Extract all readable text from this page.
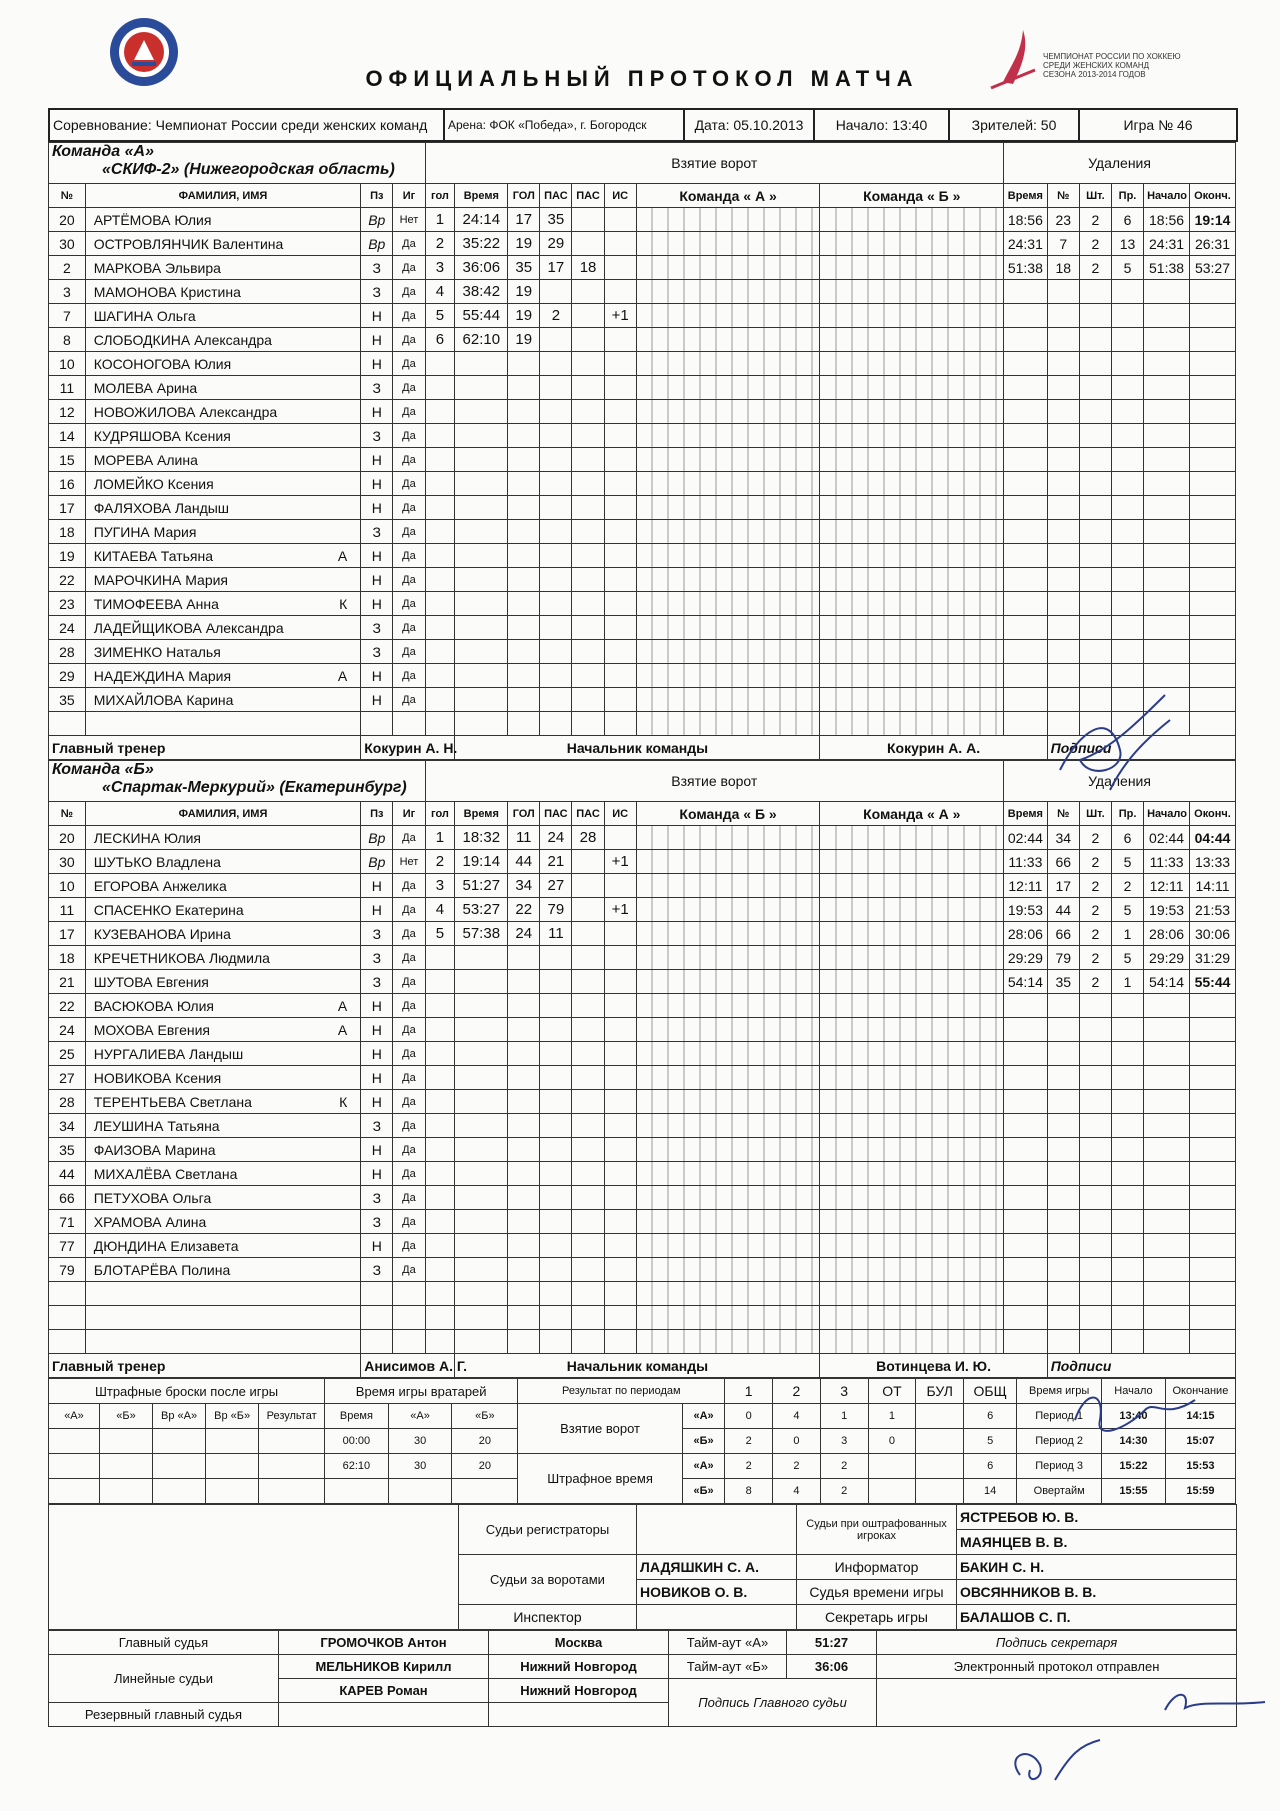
ЧЕМПИОНАТ РОССИИ ПО ХОККЕЮ
СРЕДИ ЖЕНСКИХ КОМАНД
СЕЗОНА 2013-2014 ГОДОВ
ОФИЦИАЛЬНЫЙ ПРОТОКОЛ МАТЧА
Соревнование: Чемпионат России среди женских команд	Арена: ФОК «Победа», г. Богородск	Дата: 05.10.2013	Начало: 13:40	Зрителей: 50	Игра № 46
Команда «А»
«СКИФ-2» (Нижегородская область)				Взятие ворот								Удаления					
№	ФАМИЛИЯ, ИМЯ	Пз	Иг	гол	Время	ГОЛ	ПАС	ПАС	ИС	Команда « А »	Команда « Б »	Время	№	Шт.	Пр.	Начало	Оконч.
20	АРТЁМОВА Юлия	Вр	Нет	1	24:14	17	35					18:56	23	2	6	18:56	19:14
30	ОСТРОВЛЯНЧИК Валентина	Вр	Да	2	35:22	19	29					24:31	7	2	13	24:31	26:31
2	МАРКОВА Эльвира	З	Да	3	36:06	35	17	18				51:38	18	2	5	51:38	53:27
3	МАМОНОВА Кристина	З	Да	4	38:42	19											
7	ШАГИНА Ольга	Н	Да	5	55:44	19	2		+1								
8	СЛОБОДКИНА Александра	Н	Да	6	62:10	19											
10	КОСОНОГОВА Юлия	Н	Да														
11	МОЛЕВА Арина	З	Да														
12	НОВОЖИЛОВА Александра	Н	Да														
14	КУДРЯШОВА Ксения	З	Да														
15	МОРЕВА Алина	Н	Да														
16	ЛОМЕЙКО Ксения	Н	Да														
17	ФАЛЯХОВА Ландыш	Н	Да														
18	ПУГИНА Мария	З	Да														
19	КИТАЕВА Татьяна А	Н	Да														
22	МАРОЧКИНА Мария	Н	Да														
23	ТИМОФЕЕВА Анна К	Н	Да														
24	ЛАДЕЙЩИКОВА Александра	З	Да														
28	ЗИМЕНКО Наталья	З	Да														
29	НАДЕЖДИНА Мария А	Н	Да														
35	МИХАЙЛОВА Карина	Н	Да														

Главный тренер		Кокурин А. Н.			Начальник команды						Кокурин А. А.		Подписи				
Команда «Б»
«Спартак-Меркурий» (Екатеринбург)				Взятие ворот								Удаления					
№	ФАМИЛИЯ, ИМЯ	Пз	Иг	гол	Время	ГОЛ	ПАС	ПАС	ИС	Команда « Б »	Команда « А »	Время	№	Шт.	Пр.	Начало	Оконч.
20	ЛЕСКИНА Юлия	Вр	Да	1	18:32	11	24	28				02:44	34	2	6	02:44	04:44
30	ШУТЬКО Владлена	Вр	Нет	2	19:14	44	21		+1			11:33	66	2	5	11:33	13:33
10	ЕГОРОВА Анжелика	Н	Да	3	51:27	34	27					12:11	17	2	2	12:11	14:11
11	СПАСЕНКО Екатерина	Н	Да	4	53:27	22	79		+1			19:53	44	2	5	19:53	21:53
17	КУЗЕВАНОВА Ирина	З	Да	5	57:38	24	11					28:06	66	2	1	28:06	30:06
18	КРЕЧЕТНИКОВА Людмила	З	Да									29:29	79	2	5	29:29	31:29
21	ШУТОВА Евгения	З	Да									54:14	35	2	1	54:14	55:44
22	ВАСЮКОВА Юлия А	Н	Да														
24	МОХОВА Евгения А	Н	Да														
25	НУРГАЛИЕВА Ландыш	Н	Да														
27	НОВИКОВА Ксения	Н	Да														
28	ТЕРЕНТЬЕВА Светлана К	Н	Да														
34	ЛЕУШИНА Татьяна	З	Да														
35	ФАИЗОВА Марина	Н	Да														
44	МИХАЛЁВА Светлана	Н	Да														
66	ПЕТУХОВА Ольга	З	Да														
71	ХРАМОВА Алина	З	Да														
77	ДЮНДИНА Елизавета	Н	Да														
79	БЛОТАРЁВА Полина	З	Да														

Главный тренер		Анисимов А. Г.			Начальник команды						Вотинцева И. Ю.		Подписи				
Штрафные броски после игры					Время игры вратарей			Результат по периодам		1	2	3	ОТ	БУЛ	ОБЩ	Время игры	Начало	Окончание
«А»	«Б»	Вр «А»	Вр «Б»	Результат	Время	«А»	«Б»	Взятие ворот	«А»	0	4	1	1		6	Период 1	13:40	14:15
					00:00	30	20		«Б»	2	0	3	0		5	Период 2	14:30	15:07
					62:10	30	20	Штрафное время	«А»	2	2	2			6	Период 3	15:22	15:53
									«Б»	8	4	2			14	Овертайм	15:55	15:59
	Судьи регистраторы		Судьи при оштрафованных игроках	ЯСТРЕБОВ Ю. В.
				МАЯНЦЕВ В. В.
	Судьи за воротами	ЛАДЯШКИН С. А.	Информатор	БАКИН С. Н.
		НОВИКОВ О. В.	Судья времени игры	ОВСЯННИКОВ В. В.
	Инспектор		Секретарь игры	БАЛАШОВ С. П.
Главный судья	ГРОМОЧКОВ Антон	Москва	Тайм-аут «А»	51:27	Подпись секретаря
Линейные судьи	МЕЛЬНИКОВ Кирилл	Нижний Новгород	Тайм-аут «Б»	36:06	Электронный протокол отправлен
	КАРЕВ Роман	Нижний Новгород	Подпись Главного судьи		
Резервный главный судья					
